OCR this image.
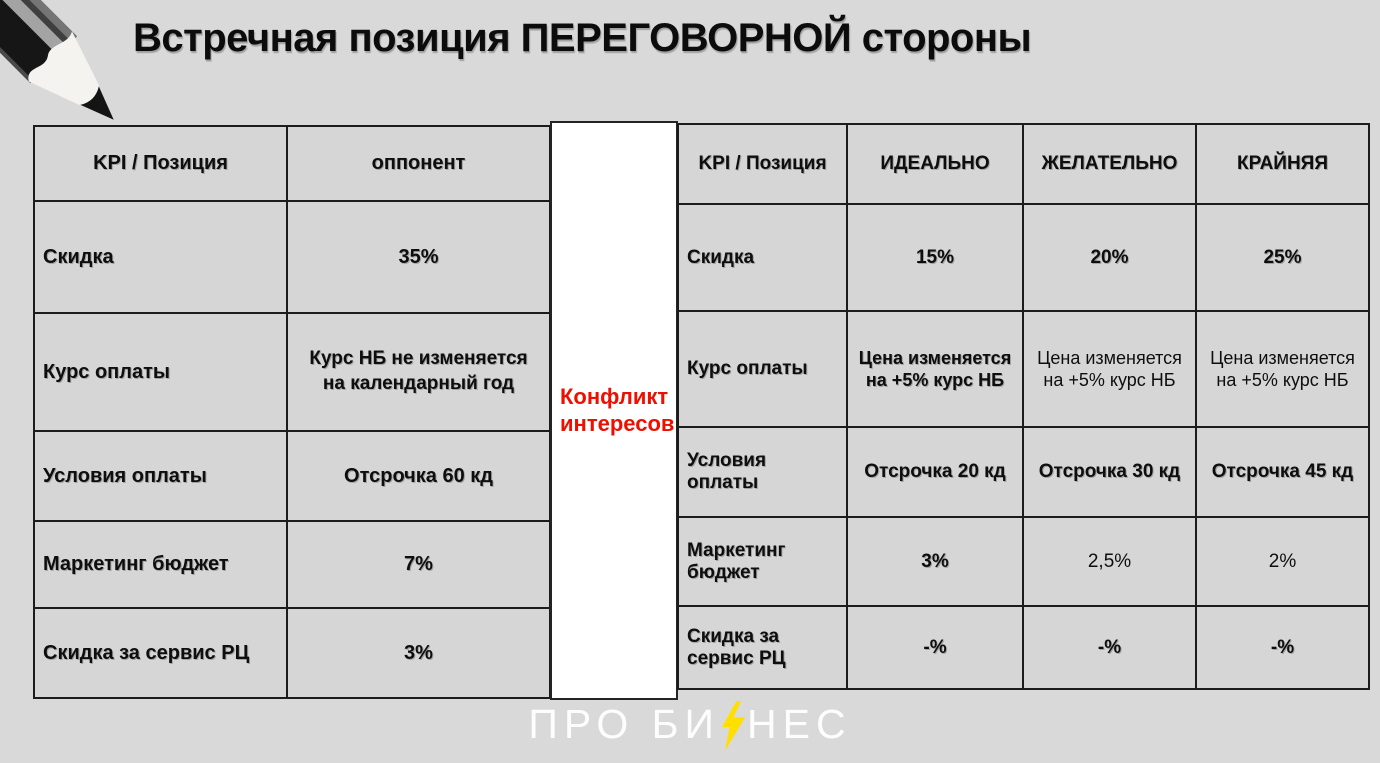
Встречная позиция ПЕРЕГОВОРНОЙ стороны
KPI / Позиция	оппонент
Скидка	35%
Курс оплаты	Курс НБ не изменяется на календарный год
Условия оплаты	Отсрочка 60 кд
Маркетинг бюджет	7%
Скидка за сервис РЦ	3%
Конфликт
интересов
KPI / Позиция	ИДЕАЛЬНО	ЖЕЛАТЕЛЬНО	КРАЙНЯЯ
Скидка	15%	20%	25%
Курс оплаты	Цена изменяется на +5% курс НБ	Цена изменяется на +5% курс НБ	Цена изменяется на +5% курс НБ
Условия оплаты	Отсрочка 20 кд	Отсрочка 30 кд	Отсрочка 45 кд
Маркетинг бюджет	3%	2,5%	2%
Скидка за сервис РЦ	-%	-%	-%
ПРО БИ НЕС
